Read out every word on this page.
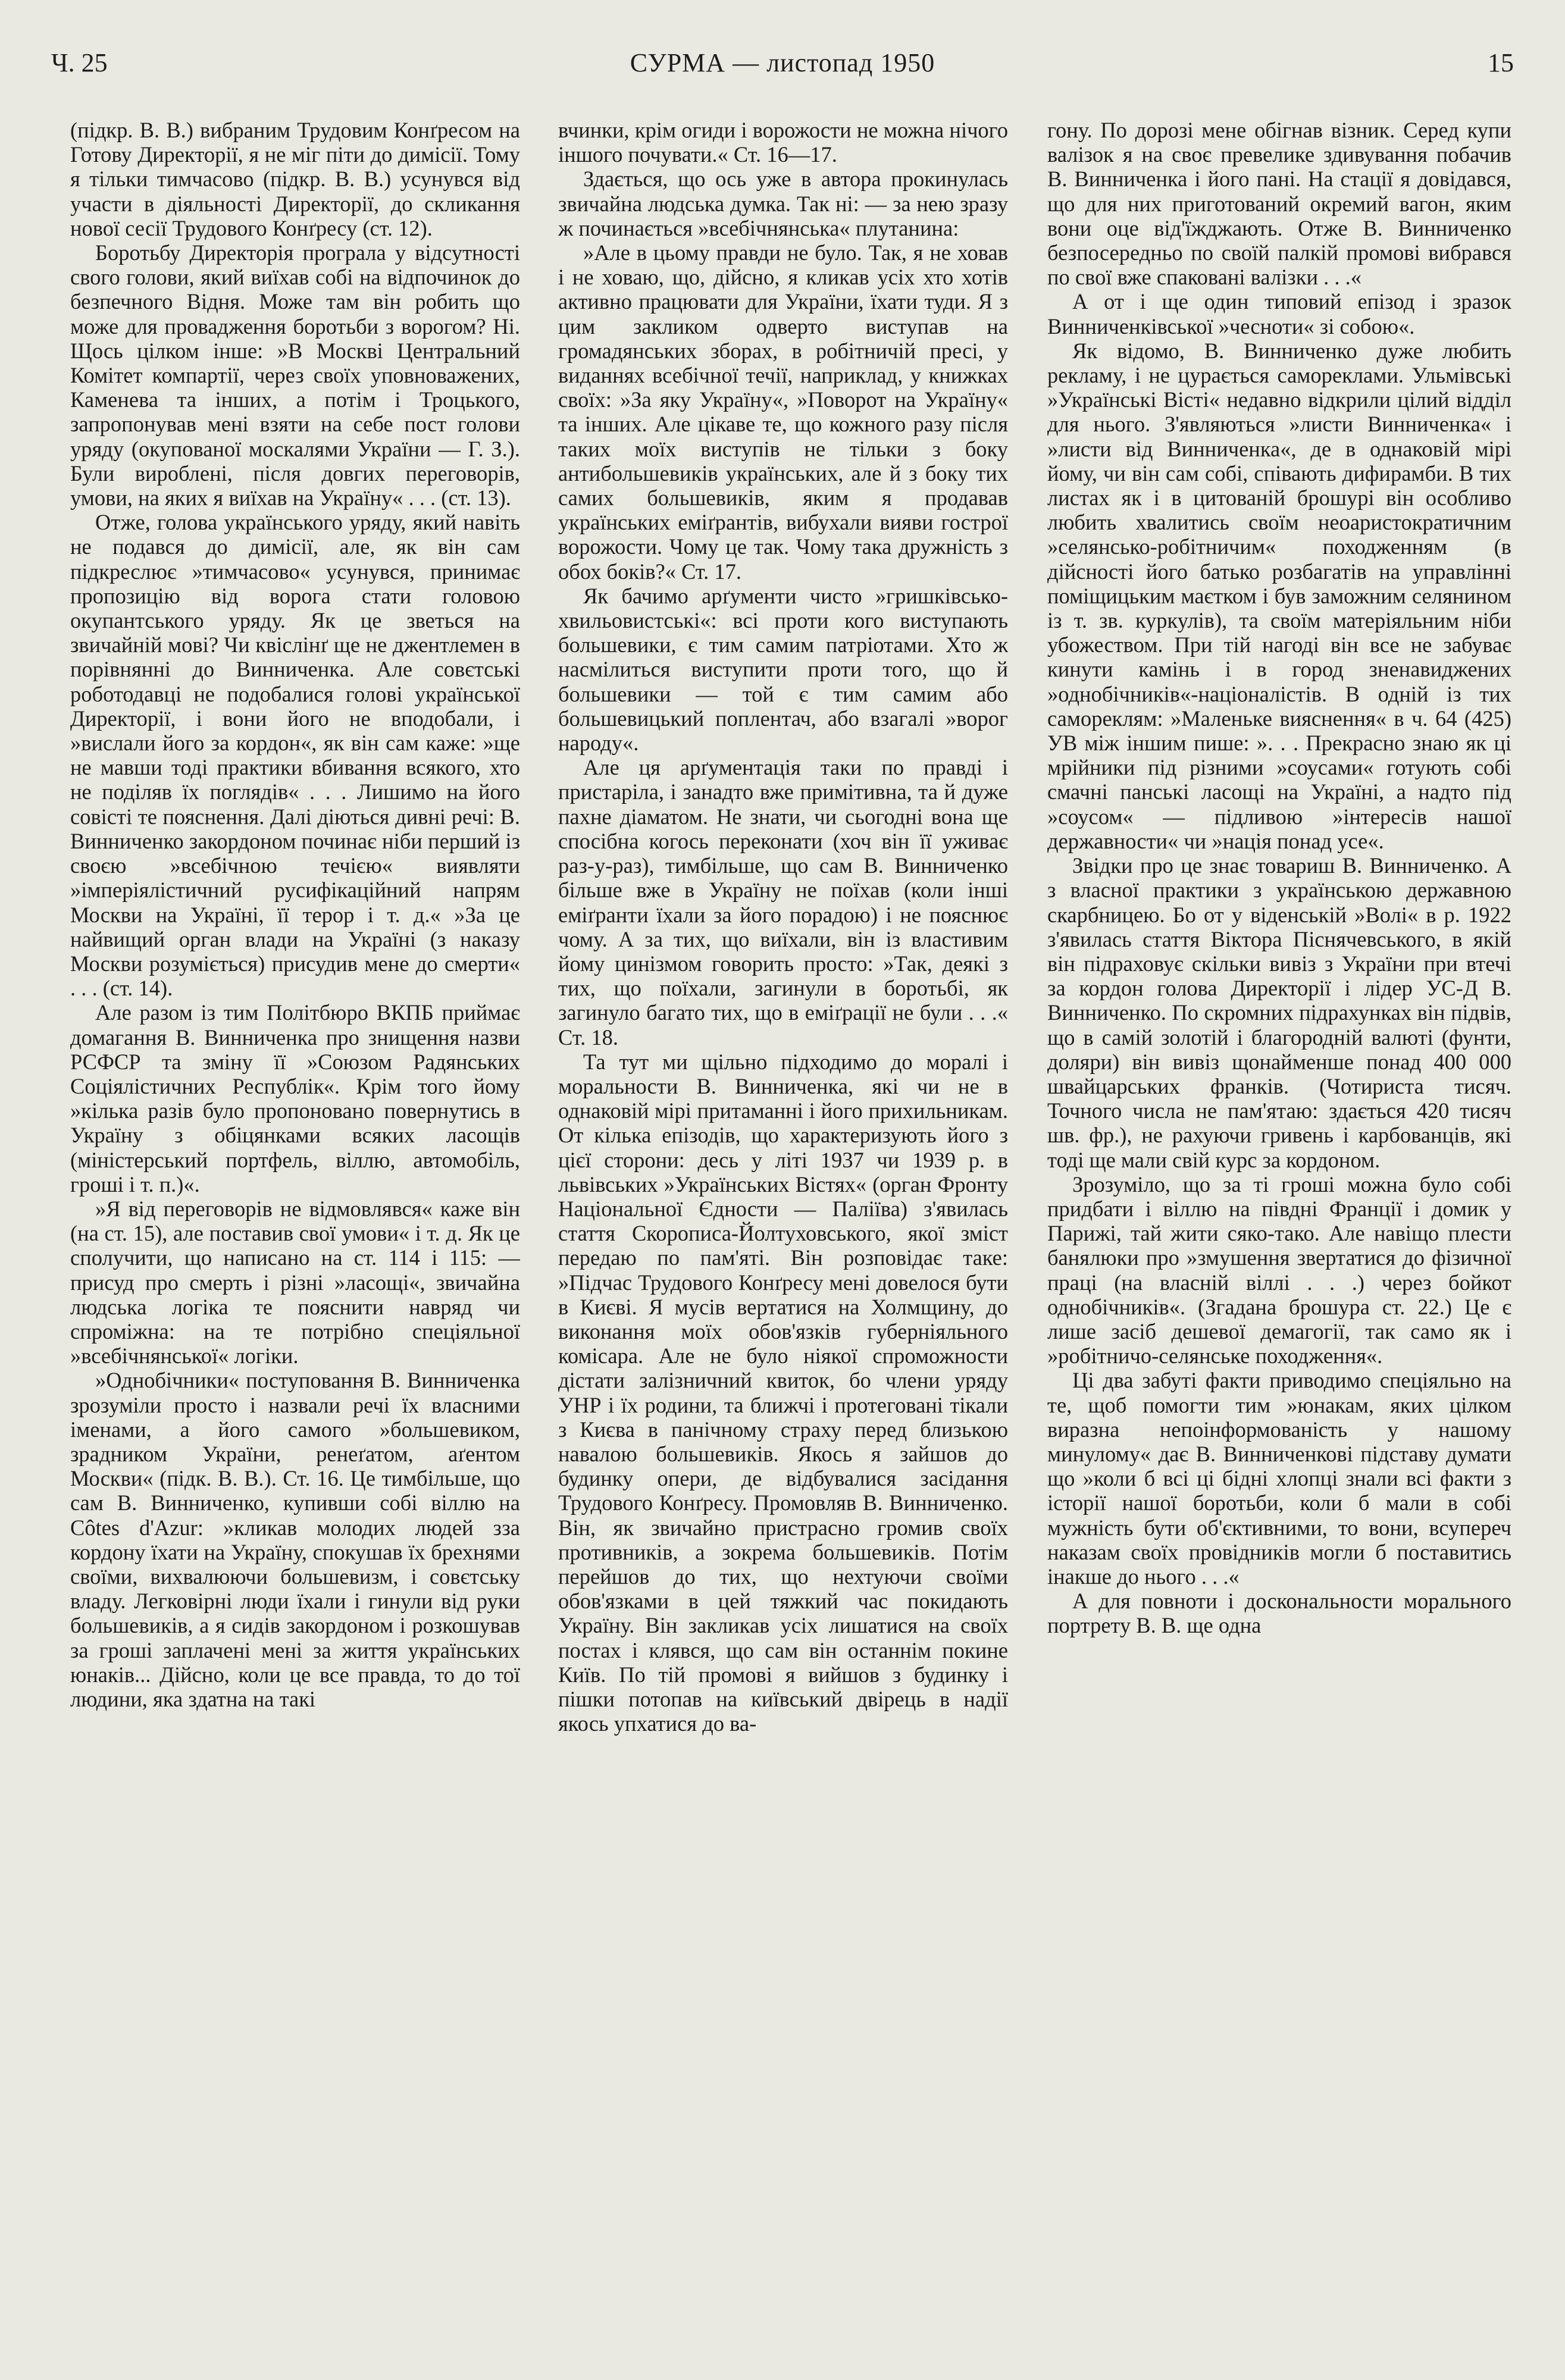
Ч. 25	СУРМА — листопад 1950	15

(підкр. В. В.) вибраним Трудовим Конґресом на Готову Директорії, я не міг піти до димісії. Тому я тільки тимчасово (підкр. В. В.) усунувся від участи в діяльності Директорії, до скликання нової сесії Трудового Конґресу (ст. 12).

Боротьбу Директорія програла у відсутності свого голови, який виїхав собі на відпочинок до безпечного Відня. Може там він робить що може для провадження боротьби з ворогом? Ні. Щось цілком інше: »В Москві Центральний Комітет компартії, через своїх уповноважених, Каменева та інших, а потім і Троцького, запропонував мені взяти на себе пост голови уряду (окупованої москалями України — Г. З.). Були вироблені, після довгих переговорів, умови, на яких я виїхав на Україну« . . . (ст. 13).

Отже, голова українського уряду, який навіть не подався до димісії, але, як він сам підкреслює »тимчасово« усунувся, принимає пропозицію від ворога стати головою окупантського уряду. Як це зветься на звичайній мові? Чи квіслінґ ще не джентлемен в порівнянні до Винниченка. Але совєтські роботодавці не подобалися голові української Директорії, і вони його не вподобали, і »вислали його за кордон«, як він сам каже: »ще не мавши тоді практики вбивання всякого, хто не поділяв їх поглядів« . . . Лишимо на його совісті те пояснення. Далі діються дивні речі: В. Винниченко закордоном починає ніби перший із своєю »всебічною течією« виявляти »імперіялістичний русифікаційний напрям Москви на Україні, її терор і т. д.« »За це найвищий орган влади на Україні (з наказу Москви розуміється) присудив мене до смерти« . . . (ст. 14).

Але разом із тим Політбюро ВКПБ приймає домагання В. Винниченка про знищення назви РСФСР та зміну її »Союзом Радянських Соціялістичних Республік«. Крім того йому »кілька разів було пропоновано повернутись в Україну з обіцянками всяких ласощів (міністерський портфель, віллю, автомобіль, гроші і т. п.)«.

»Я від переговорів не відмовлявся« каже він (на ст. 15), але поставив свої умови« і т. д. Як це сполучити, що написано на ст. 114 і 115: — присуд про смерть і різні »ласощі«, звичайна людська логіка те пояснити навряд чи спроміжна: на те потрібно спеціяльної »всебічнянської« логіки.

»Однобічники« поступовання В. Винниченка зрозуміли просто і назвали речі їх власними іменами, а його самого »большевиком, зрадником України, ренеґатом, аґентом Москви« (підк. В. В.). Ст. 16. Це тимбільше, що сам В. Винниченко, купивши собі віллю на Côtes d'Azur: »кликав молодих людей зза кордону їхати на Україну, спокушав їх брехнями своїми, вихвалюючи большевизм, і совєтську владу. Легковірні люди їхали і гинули від руки большевиків, а я сидів закордоном і розкошував за гроші заплачені мені за життя українських юнаків... Дійсно, коли це все правда, то до тої людини, яка здатна на такі

вчинки, крім огиди і ворожости не можна нічого іншого почувати.« Ст. 16—17.

Здається, що ось уже в автора прокинулась звичайна людська думка. Так ні: — за нею зразу ж починається »всебічнянська« плутанина:

»Але в цьому правди не було. Так, я не ховав і не ховаю, що, дійсно, я кликав усіх хто хотів активно працювати для України, їхати туди. Я з цим закликом одверто виступав на громадянських зборах, в робітничій пресі, у виданнях всебічної течії, наприклад, у книжках своїх: »За яку Україну«, »Поворот на Україну« та інших. Але цікаве те, що кожного разу після таких моїх виступів не тільки з боку антибольшевиків українських, але й з боку тих самих большевиків, яким я продавав українських еміґрантів, вибухали вияви гострої ворожости. Чому це так. Чому така дружність з обох боків?« Ст. 17.

Як бачимо арґументи чисто »гришківсько-хвильовистські«: всі проти кого виступають большевики, є тим самим патріотами. Хто ж насмілиться виступити проти того, що й большевики — той є тим самим або большевицький поплентач, або взагалі »ворог народу«.

Але ця арґументація таки по правді і пристаріла, і занадто вже примітивна, та й дуже пахне діаматом. Не знати, чи сьогодні вона ще спосібна когось переконати (хоч він її уживає раз-у-раз), тимбільше, що сам В. Винниченко більше вже в Україну не поїхав (коли інші еміґранти їхали за його порадою) і не пояснює чому. А за тих, що виїхали, він із властивим йому цинізмом говорить просто: »Так, деякі з тих, що поїхали, загинули в боротьбі, як загинуло багато тих, що в еміґрації не були . . .« Ст. 18.

Та тут ми щільно підходимо до моралі і моральности В. Винниченка, які чи не в однаковій мірі притаманні і його прихильникам. От кілька епізодів, що характеризують його з цієї сторони: десь у літі 1937 чи 1939 р. в львівських »Українських Вістях« (орган Фронту Національної Єдности — Паліїва) з'явилась стаття Скорописа-Йолтуховського, якої зміст передаю по пам'яті. Він розповідає таке: »Підчас Трудового Конґресу мені довелося бути в Києві. Я мусів вертатися на Холмщину, до виконання моїх обов'язків губерніяльного комісара. Але не було ніякої спроможности дістати залізничний квиток, бо члени уряду УНР і їх родини, та ближчі і протеговані тікали з Києва в панічному страху перед близькою навалою большевиків. Якось я зайшов до будинку опери, де відбувалися засідання Трудового Конґресу. Промовляв В. Винниченко. Він, як звичайно пристрасно громив своїх противників, а зокрема большевиків. Потім перейшов до тих, що нехтуючи своїми обов'язками в цей тяжкий час покидають Україну. Він закликав усіх лишатися на своїх постах і клявся, що сам він останнім покине Київ. По тій промові я вийшов з будинку і пішки потопав на київський двірець в надії якось упхатися до ва-

гону. По дорозі мене обігнав візник. Серед купи валізок я на своє превелике здивування побачив В. Винниченка і його пані. На стації я довідався, що для них приготований окремий вагон, яким вони оце від'їжджають. Отже В. Винниченко безпосередньо по своїй палкій промові вибрався по свої вже спаковані валізки . . .«

А от і ще один типовий епізод і зразок Винниченківської »чесноти« зі собою«.

Як відомо, В. Винниченко дуже любить рекламу, і не цурається самореклами. Ульмівські »Українські Вісті« недавно відкрили цілий відділ для нього. З'являються »листи Винниченка« і »листи від Винниченка«, де в однаковій мірі йому, чи він сам собі, співають дифирамби. В тих листах як і в цитованій брошурі він особливо любить хвалитись своїм неоаристократичним »селянсько-робітничим« походженням (в дійсності його батько розбагатів на управлінні поміщицьким маєтком і був заможним селянином із т. зв. куркулів), та своїм матеріяльним ніби убожеством. При тій нагоді він все не забуває кинути камінь і в город зненавиджених »однобічників«-націоналістів. В одній із тих самореклям: »Маленьке вияснення« в ч. 64 (425) УВ між іншим пише: ». . . Прекрасно знаю як ці мрійники під різними »соусами« готують собі смачні панські ласощі на Україні, а надто під »соусом« — підливою »інтересів нашої державности« чи »нація понад усе«.

Звідки про це знає товариш В. Винниченко. А з власної практики з українською державною скарбницею. Бо от у віденській »Волі« в р. 1922 з'явилась стаття Віктора Піснячевського, в якій він підраховує скільки вивіз з України при втечі за кордон голова Директорії і лідер УС-Д В. Винниченко. По скромних підрахунках він підвів, що в самій золотій і благородній валюті (фунти, доляри) він вивіз щонайменше понад 400 000 швайцарських франків. (Чотириста тисяч. Точного числа не пам'ятаю: здається 420 тисяч шв. фр.), не рахуючи гривень і карбованців, які тоді ще мали свій курс за кордоном.

Зрозуміло, що за ті гроші можна було собі придбати і віллю на півдні Франції і домик у Парижі, тай жити сяко-тако. Але навіщо плести банялюки про »змушення звертатися до фізичної праці (на власній віллі . . .) через бойкот однобічників«. (Згадана брошура ст. 22.) Це є лише засіб дешевої демагогії, так само як і »робітничо-селянське походження«.

Ці два забуті факти приводимо спеціяльно на те, щоб помогти тим »юнакам, яких цілком виразна непоінформованість у нашому минулому« дає В. Винниченкові підставу думати що »коли б всі ці бідні хлопці знали всі факти з історії нашої боротьби, коли б мали в собі мужність бути об'єктивними, то вони, всупереч наказам своїх провідників могли б поставитись інакше до нього . . .«

А для повноти і доскональности морального портрету В. В. ще одна
